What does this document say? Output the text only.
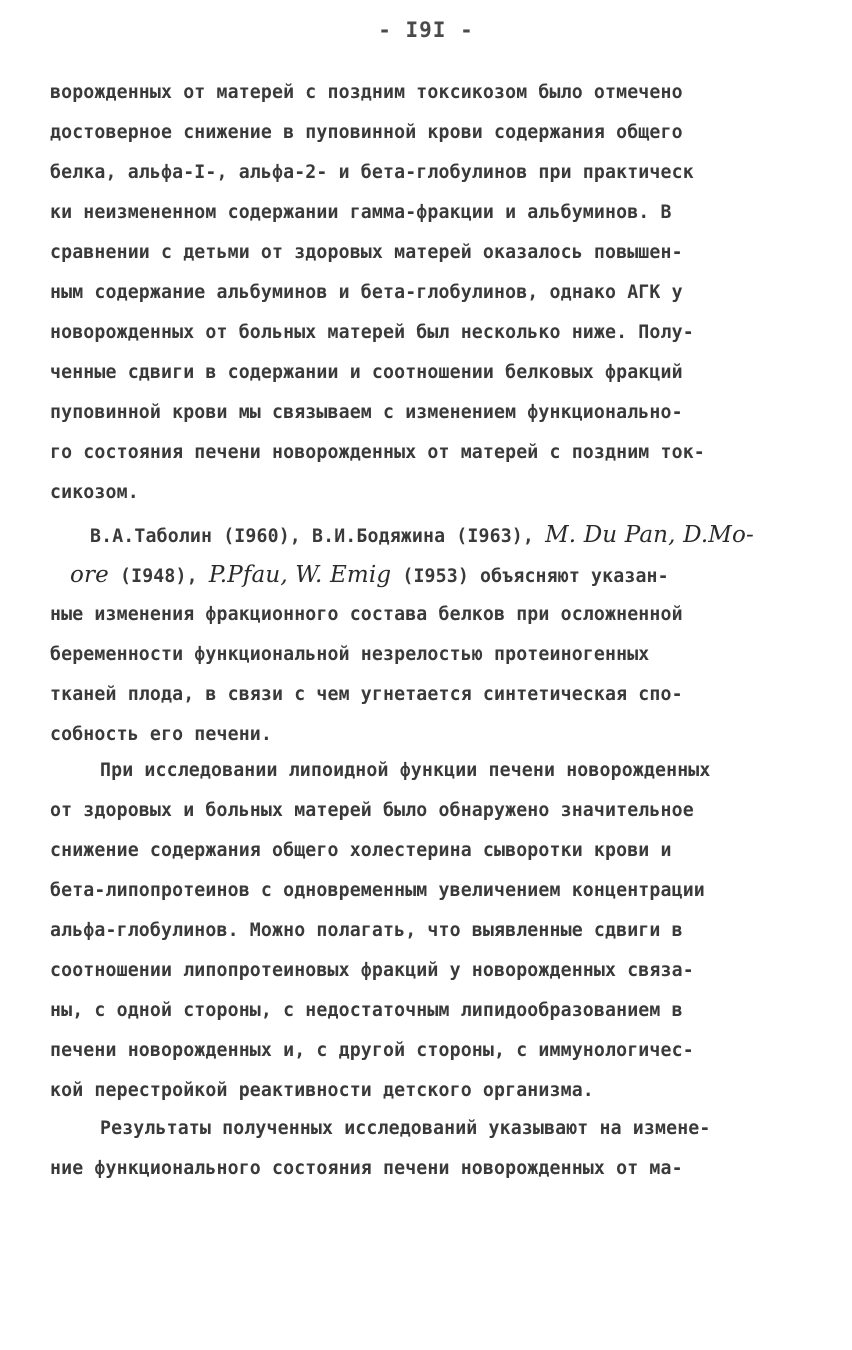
- I9I -
ворожденных от матерей с поздним токсикозом было отмечено
достоверное снижение в пуповинной крови содержания общего
белка, альфа-I-, альфа-2- и бета-глобулинов при практическ
ки неизмененном содержании гамма-фракции и альбуминов. В
сравнении с детьми от здоровых матерей оказалось повышен-
ным содержание альбуминов и бета-глобулинов, однако АГК у
новорожденных от больных матерей был несколько ниже. Полу-
ченные сдвиги в содержании и соотношении белковых фракций
пуповинной крови мы связываем с изменением функционально-
го состояния печени новорожденных от матерей с поздним ток-
сикозом.
В.А.Таболин (I960), В.И.Бодяжина (I963), M. Du Pan, D.Mo-
ore (I948), P.Pfau, W. Emig (I953) объясняют указан-
ные изменения фракционного состава белков при осложненной
беременности функциональной незрелостью протеиногенных
тканей плода, в связи с чем угнетается синтетическая спо-
собность его печени.
При исследовании липоидной функции печени новорожденных
от здоровых и больных матерей было обнаружено значительное
снижение содержания общего холестерина сыворотки крови и
бета-липопротеинов с одновременным увеличением концентрации
альфа-глобулинов. Можно полагать, что выявленные сдвиги в
соотношении липопротеиновых фракций у новорожденных связа-
ны, с одной стороны, с недостаточным липидообразованием в
печени новорожденных и, с другой стороны, с иммунологичес-
кой перестройкой реактивности детского организма.
Результаты полученных исследований указывают на измене-
ние функционального состояния печени новорожденных от ма-
